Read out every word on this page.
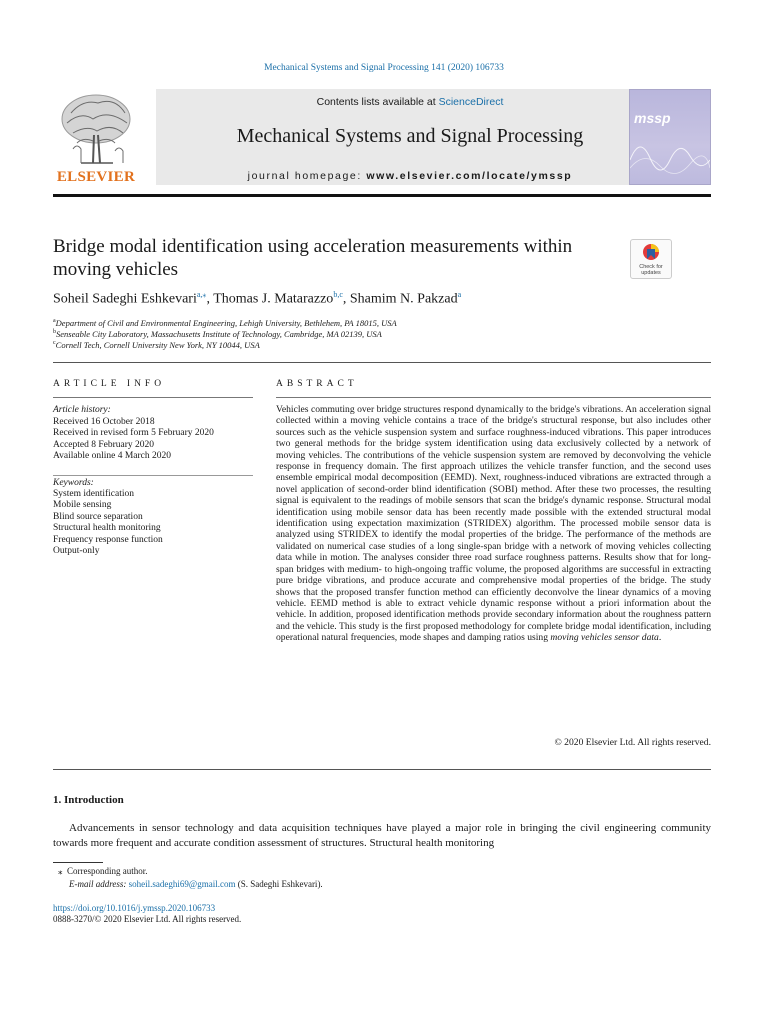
Mechanical Systems and Signal Processing 141 (2020) 106733
ELSEVIER
Contents lists available at ScienceDirect
Mechanical Systems and Signal Processing
journal homepage: www.elsevier.com/locate/ymssp
mssp
Bridge modal identification using acceleration measurements within moving vehicles	Check for updates
Soheil Sadeghi Eshkevari$^{a,⁎}$, Thomas J. Matarazzo$^{b,c}$, Shamim N. Pakzad$^a$
$^a$Department of Civil and Environmental Engineering, Lehigh University, Bethlehem, PA 18015, USA
$^b$Senseable City Laboratory, Massachusetts Institute of Technology, Cambridge, MA 02139, USA
$^c$Cornell Tech, Cornell University New York, NY 10044, USA
ARTICLE INFO	ABSTRACT
Article history:
Received 16 October 2018
Received in revised form 5 February 2020
Accepted 8 February 2020
Available online 4 March 2020
Keywords:
System identification
Mobile sensing
Blind source separation
Structural health monitoring
Frequency response function
Output-only
Vehicles commuting over bridge structures respond dynamically to the bridge's vibrations. An acceleration signal collected within a moving vehicle contains a trace of the bridge's structural response, but also includes other sources such as the vehicle suspension system and surface roughness-induced vibrations. This paper introduces two general methods for the bridge system identification using data exclusively collected by a network of moving vehicles. The contributions of the vehicle suspension system are removed by deconvolving the vehicle response in frequency domain. The first approach utilizes the vehicle transfer function, and the second uses ensemble empirical modal decomposition (EEMD). Next, roughness-induced vibrations are extracted through a novel application of second-order blind identification (SOBI) method. After these two processes, the resulting signal is equivalent to the readings of mobile sensors that scan the bridge's dynamic response. Structural modal identification using mobile sensor data has been recently made possible with the extended structural modal identification using expectation maximization (STRIDEX) algorithm. The processed mobile sensor data is analyzed using STRIDEX to identify the modal properties of the bridge. The performance of the methods are validated on numerical case studies of a long single-span bridge with a network of moving vehicles collecting data while in motion. The analyses consider three road surface roughness patterns. Results show that for long-span bridges with medium- to high-ongoing traffic volume, the proposed algorithms are successful in extracting pure bridge vibrations, and produce accurate and comprehensive modal properties of the bridge. The study shows that the proposed transfer function method can efficiently deconvolve the linear dynamics of a moving vehicle. EEMD method is able to extract vehicle dynamic response without a priori information about the vehicle. In addition, proposed identification methods provide secondary information about the roughness pattern and the vehicle. This study is the first proposed methodology for complete bridge modal identification, including operational natural frequencies, mode shapes and damping ratios using moving vehicles sensor data.
© 2020 Elsevier Ltd. All rights reserved.
1. Introduction
Advancements in sensor technology and data acquisition techniques have played a major role in bringing the civil engineering community towards more frequent and accurate condition assessment of structures. Structural health monitoring
⁎ Corresponding author.
E-mail address: soheil.sadeghi69@gmail.com (S. Sadeghi Eshkevari).
https://doi.org/10.1016/j.ymssp.2020.106733
0888-3270/© 2020 Elsevier Ltd. All rights reserved.
